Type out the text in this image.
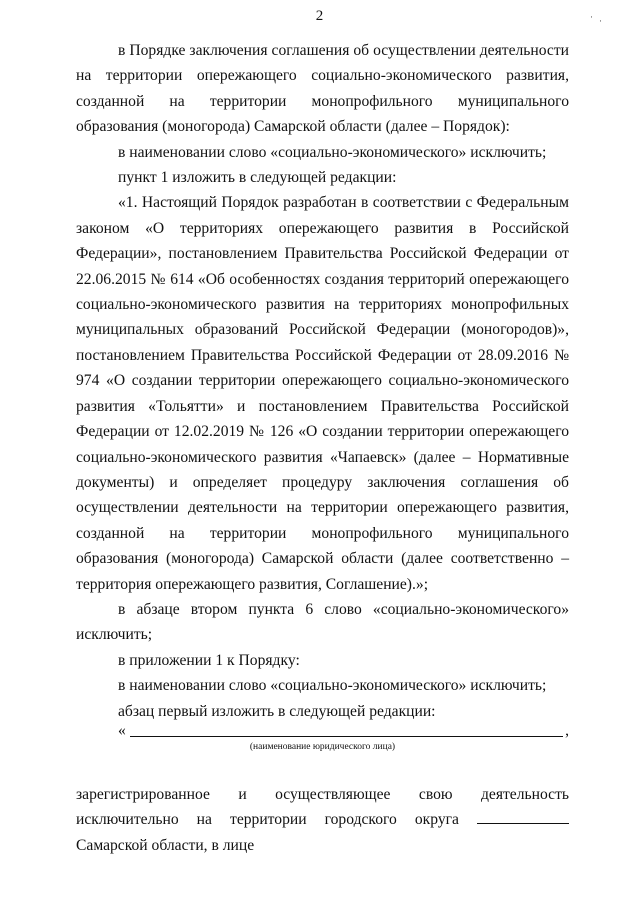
2

в Порядке заключения соглашения об осуществлении деятельности на территории опережающего социально-экономического развития, созданной на территории монопрофильного муниципального образования (моногорода) Самарской области (далее – Порядок):

в наименовании слово «социально-экономического» исключить;

пункт 1 изложить в следующей редакции:

«1. Настоящий Порядок разработан в соответствии с Федеральным законом «О территориях опережающего развития в Российской Федерации», постановлением Правительства Российской Федерации от 22.06.2015 № 614 «Об особенностях создания территорий опережающего социально-экономического развития на территориях монопрофильных муниципальных образований Российской Федерации (моногородов)», постановлением Правительства Российской Федерации от 28.09.2016 № 974 «О создании территории опережающего социально-экономического развития «Тольятти» и постановлением Правительства Российской Федерации от 12.02.2019 № 126 «О создании территории опережающего социально-экономического развития «Чапаевск» (далее – Нормативные документы) и определяет процедуру заключения соглашения об осуществлении деятельности на территории опережающего развития, созданной на территории монопрофильного муниципального образования (моногорода) Самарской области (далее соответственно – территория опережающего развития, Соглашение).»;

в абзаце втором пункта 6 слово «социально-экономического» исключить;

в приложении 1 к Порядку:

в наименовании слово «социально-экономического» исключить;

абзац первый изложить в следующей редакции:

«	,
(наименование юридического лица)

зарегистрированное и осуществляющее свою деятельность исключительно на территории городского округа  Самарской области, в лице

· ·
